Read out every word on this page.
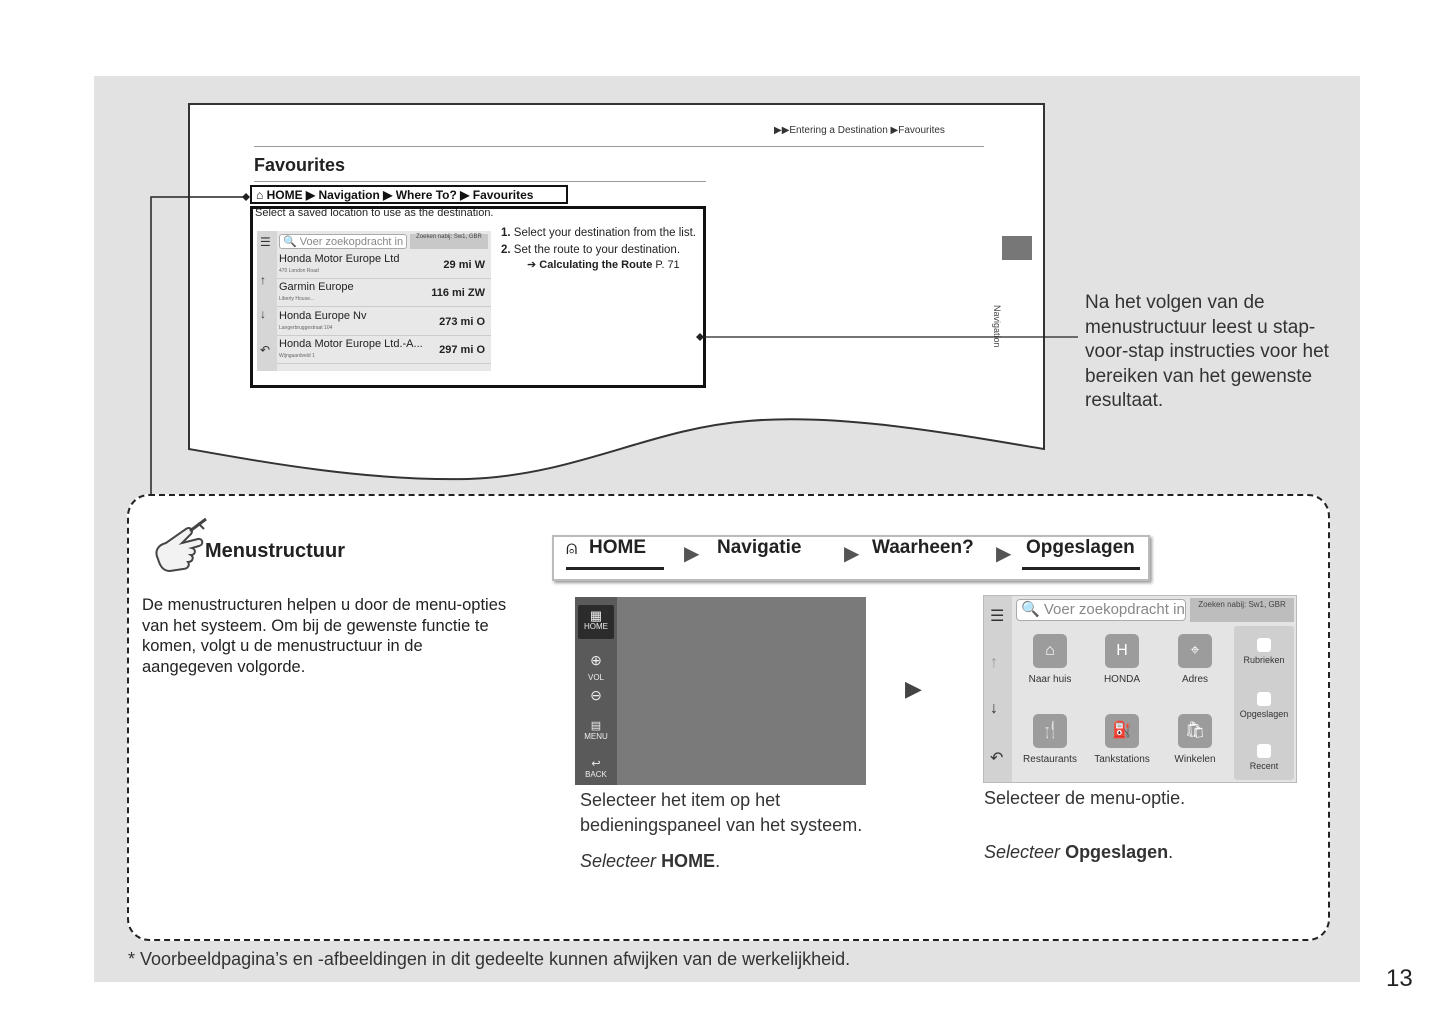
▶▶Entering a Destination ▶Favourites
Favourites
⌂ HOME ▶ Navigation ▶ Where To? ▶ Favourites
Select a saved location to use as the destination.
☰
↑
↓
↶
🔍 Voer zoekopdracht in	Zoeken nabij: Sw1, GBR
Honda Motor Europe Ltd
470 London Road	29 mi W
Garmin Europe
Liberty House...	116 mi ZW
Honda Europe Nv
Langerbruggestraat 104	273 mi O
Honda Motor Europe Ltd.-A...
Wijngaardveld 1	297 mi O
1. Select your destination from the list.
2. Set the route to your destination.
➔ Calculating the Route P. 71
Navigation
Na het volgen van de menustructuur leest u stap-voor-stap instructies voor het bereiken van het gewenste resultaat.
Menustructuur
De menustructuren helpen u door de menu-opties van het systeem. Om bij de gewenste functie te komen, volgt u de menustructuur in de aangegeven volgorde.
⍝ HOME ▶ Navigatie ▶ Waarheen? ▶ Opgeslagen
▦
HOME
⊕
VOL
⊖
▤
MENU
↩
BACK
Selecteer het item op het bedieningspaneel van het systeem.
Selecteer HOME.
▶
☰
↑
↓
↶
🔍 Voer zoekopdracht in	Zoeken nabij: Sw1, GBR
⌂
Naar huis
H
HONDA
⌖
Adres
🍴
Restaurants
⛽
Tankstations
🛍
Winkelen
Rubrieken
Opgeslagen
Recent
Selecteer de menu-optie.
Selecteer Opgeslagen.
* Voorbeeldpagina’s en -afbeeldingen in dit gedeelte kunnen afwijken van de werkelijkheid.
13
